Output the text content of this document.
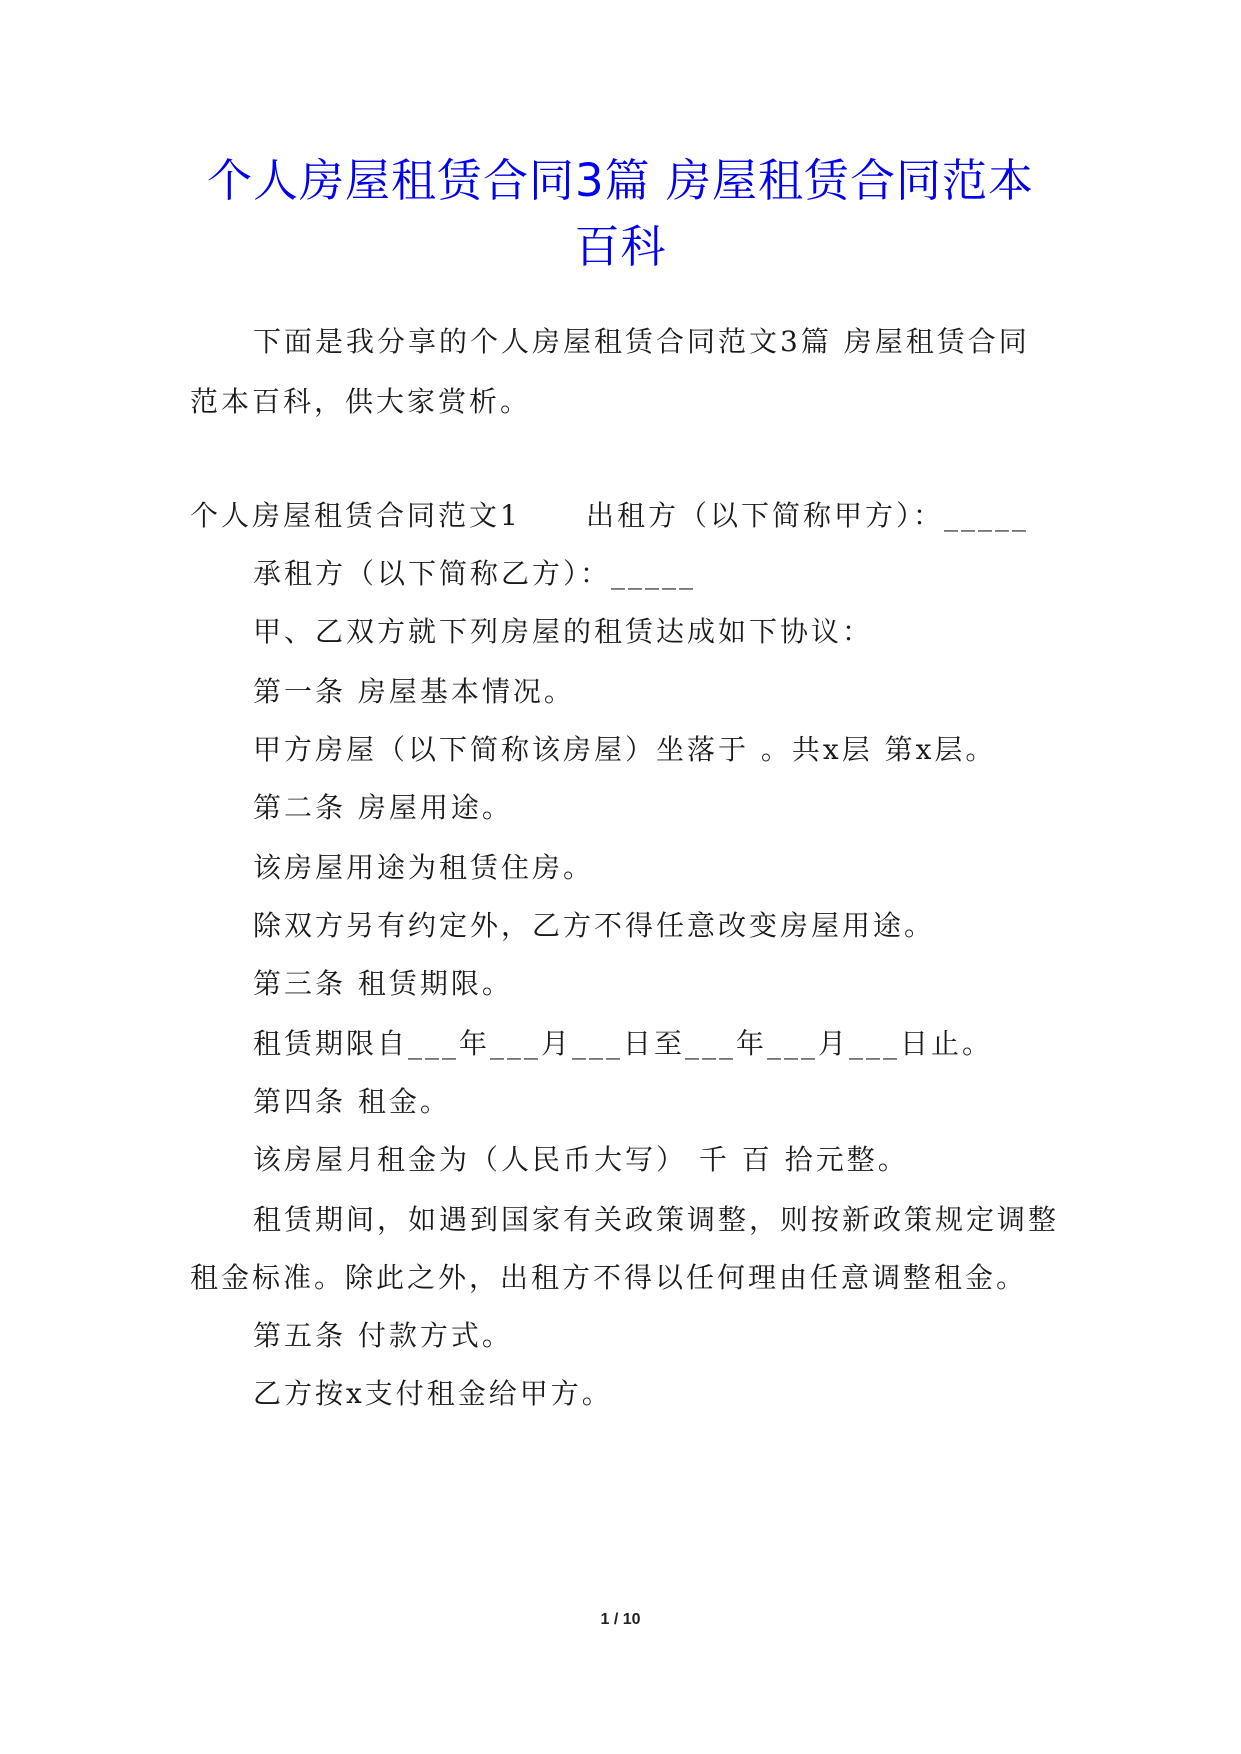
个人房屋租赁合同3篇 房屋租赁合同范本
百科
下面是我分享的个人房屋租赁合同范文3篇 房屋租赁合同
范本百科，供大家赏析。
个人房屋租赁合同范文1 出租方（以下简称甲方）：_____
承租方（以下简称乙方）：_____
甲、乙双方就下列房屋的租赁达成如下协议：
第一条 房屋基本情况。
甲方房屋（以下简称该房屋）坐落于 。共x层 第x层。
第二条 房屋用途。
该房屋用途为租赁住房。
除双方另有约定外，乙方不得任意改变房屋用途。
第三条 租赁期限。
租赁期限自___年___月___日至___年___月___日止。
第四条 租金。
该房屋月租金为（人民币大写） 千 百 拾元整。
租赁期间，如遇到国家有关政策调整，则按新政策规定调整
租金标准。除此之外，出租方不得以任何理由任意调整租金。
第五条 付款方式。
乙方按x支付租金给甲方。
1 / 10
